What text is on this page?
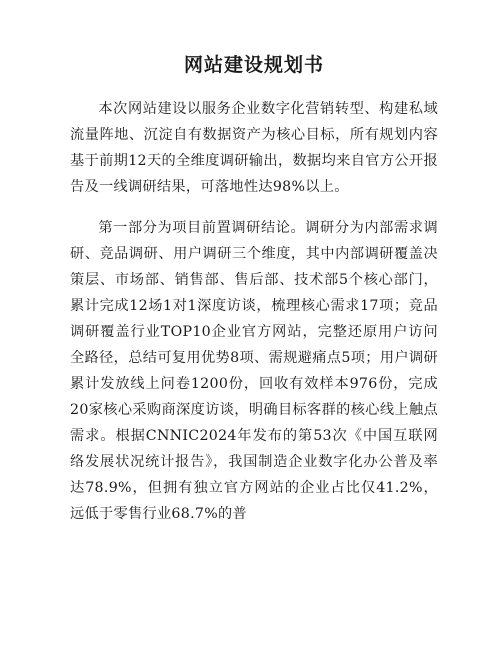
网站建设规划书

本次网站建设以服务企业数字化营销转型、构建私域流量阵地、沉淀自有数据资产为核心目标，所有规划内容基于前期12天的全维度调研输出，数据均来自官方公开报告及一线调研结果，可落地性达98%以上。

第一部分为项目前置调研结论。调研分为内部需求调研、竞品调研、用户调研三个维度，其中内部调研覆盖决策层、市场部、销售部、售后部、技术部5个核心部门，累计完成12场1对1深度访谈，梳理核心需求17项；竞品调研覆盖行业TOP10企业官方网站，完整还原用户访问全路径，总结可复用优势8项、需规避痛点5项；用户调研累计发放线上问卷1200份，回收有效样本976份，完成20家核心采购商深度访谈，明确目标客群的核心线上触点需求。根据CNNIC2024年发布的第53次《中国互联网络发展状况统计报告》，我国制造企业数字化办公普及率达78.9%，但拥有独立官方网站的企业占比仅41.2%，远低于零售行业68.7%的普
